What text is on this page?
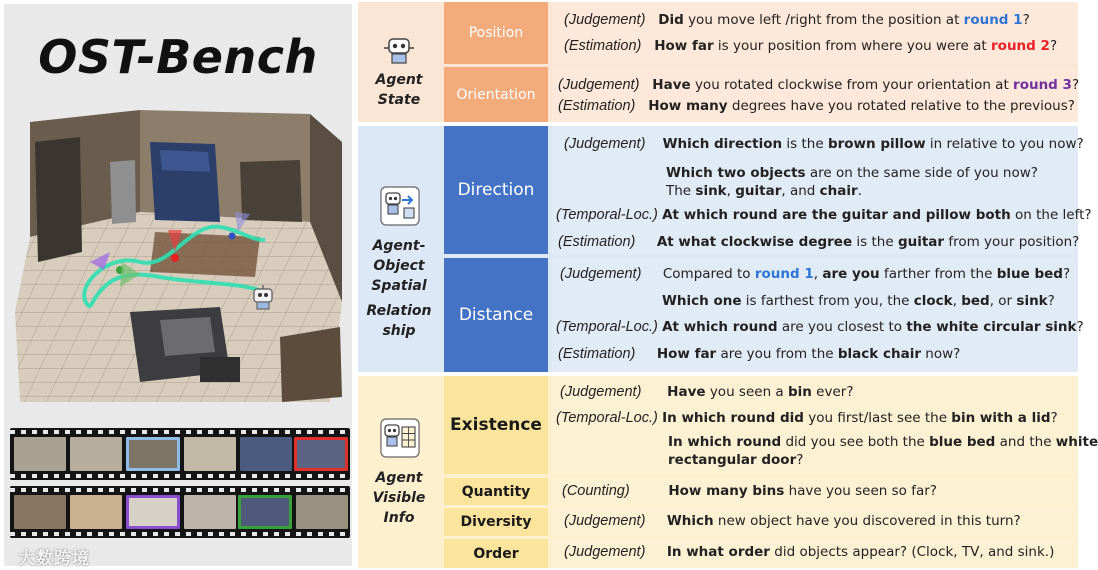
OST-Bench
大数跨境
Agent
State
Position
(Judgement) Did you move left /right from the position at round 1?
(Estimation) How far is your position from where you were at round 2?
Orientation
(Judgement) Have you rotated clockwise from your orientation at round 3?
(Estimation) How many degrees have you rotated relative to the previous?
Agent-
Object
Spatial
Relation
ship
Direction
(Judgement) Which direction is the brown pillow in relative to you now?
Which two objects are on the same side of you now?
The sink, guitar, and chair.
(Temporal-Loc.) At which round are the guitar and pillow both on the left?
(Estimation) At what clockwise degree is the guitar from your position?
Distance
(Judgement) Compared to round 1, are you farther from the blue bed?
Which one is farthest from you, the clock, bed, or sink?
(Temporal-Loc.) At which round are you closest to the white circular sink?
(Estimation) How far are you from the black chair now?
Agent
Visible
Info
Existence
(Judgement) Have you seen a bin ever?
(Temporal-Loc.) In which round did you first/last see the bin with a lid?
In which round did you see both the blue bed and the white
rectangular door?
Quantity	(Counting)	How many bins have you seen so far?
Diversity	(Judgement) Which new object have you discovered in this turn?
Order	(Judgement) In what order did objects appear? (Clock, TV, and sink.)
